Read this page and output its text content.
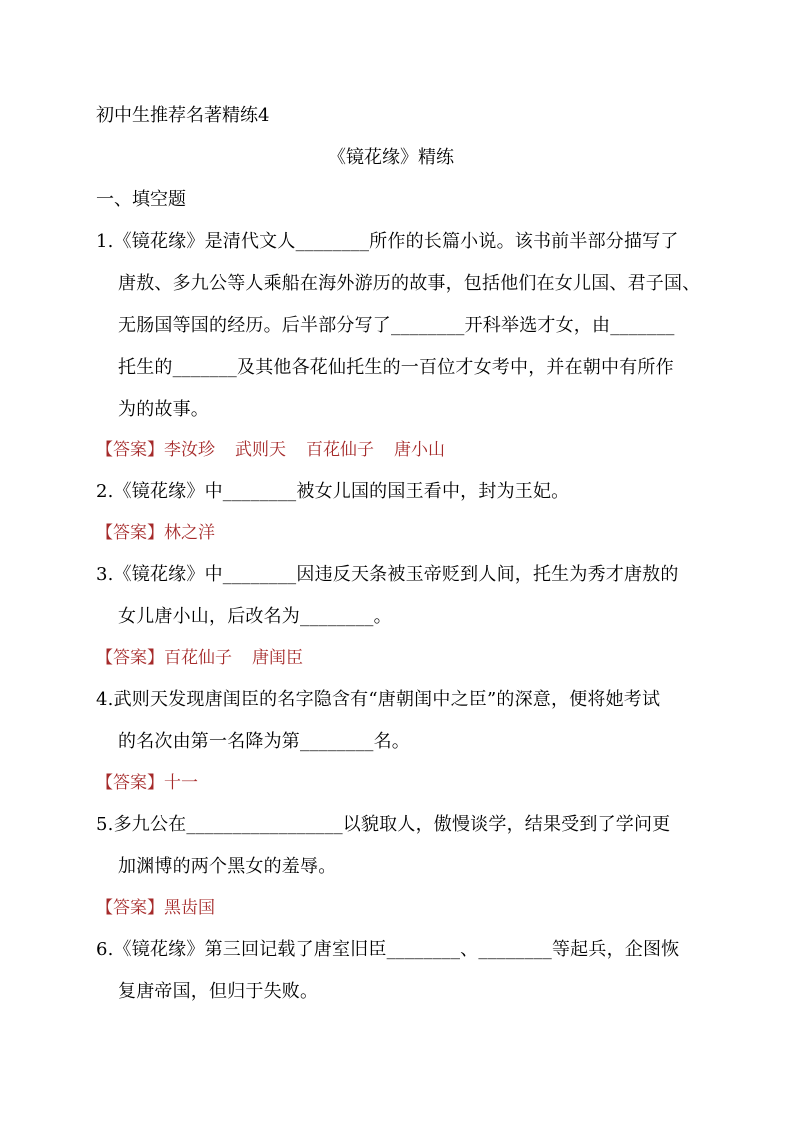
初中生推荐名著精练4
《镜花缘》精练
一、填空题
1.《镜花缘》是清代文人________所作的长篇小说。该书前半部分描写了
唐敖、多九公等人乘船在海外游历的故事，包括他们在女儿国、君子国、
无肠国等国的经历。后半部分写了________开科举选才女，由_______
托生的_______及其他各花仙托生的一百位才女考中，并在朝中有所作
为的故事。
【答案】李汝珍 武则天 百花仙子 唐小山
2.《镜花缘》中________被女儿国的国王看中，封为王妃。
【答案】林之洋
3.《镜花缘》中________因违反天条被玉帝贬到人间，托生为秀才唐敖的
女儿唐小山，后改名为________。
【答案】百花仙子 唐闺臣
4.武则天发现唐闺臣的名字隐含有“唐朝闺中之臣”的深意，便将她考试
的名次由第一名降为第________名。
【答案】十一
5.多九公在_________________以貌取人，傲慢谈学，结果受到了学问更
加渊博的两个黑女的羞辱。
【答案】黑齿国
6.《镜花缘》第三回记载了唐室旧臣________、________等起兵，企图恢
复唐帝国，但归于失败。
